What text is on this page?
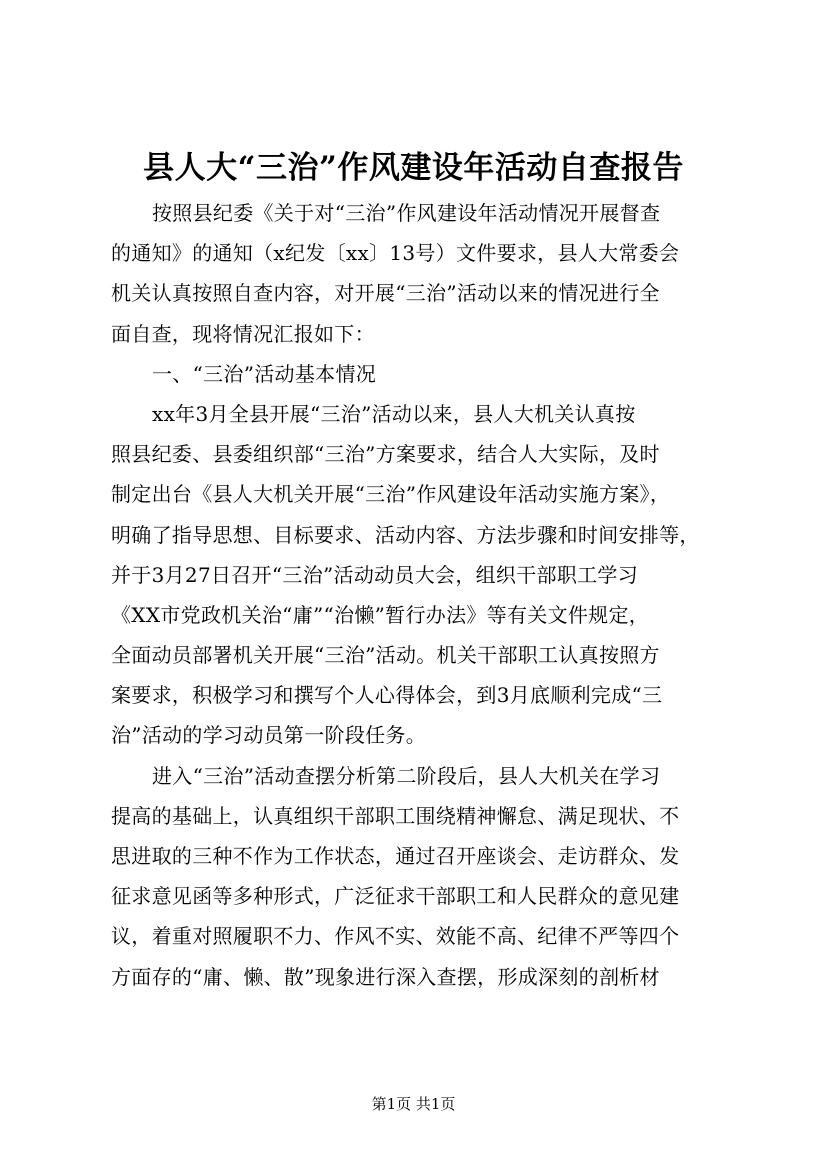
县人大“三治”作风建设年活动自查报告
按照县纪委《关于对“三治”作风建设年活动情况开展督查
的通知》的通知（x纪发〔xx〕13号）文件要求，县人大常委会
机关认真按照自查内容，对开展“三治”活动以来的情况进行全
面自查，现将情况汇报如下：
一、“三治”活动基本情况
xx年3月全县开展“三治”活动以来，县人大机关认真按
照县纪委、县委组织部“三治”方案要求，结合人大实际，及时
制定出台《县人大机关开展“三治”作风建设年活动实施方案》，
明确了指导思想、目标要求、活动内容、方法步骤和时间安排等，
并于3月27日召开“三治”活动动员大会，组织干部职工学习
《XX市党政机关治“庸”“治懒”暂行办法》等有关文件规定，
全面动员部署机关开展“三治”活动。机关干部职工认真按照方
案要求，积极学习和撰写个人心得体会，到3月底顺利完成“三
治”活动的学习动员第一阶段任务。
进入“三治”活动查摆分析第二阶段后，县人大机关在学习
提高的基础上，认真组织干部职工围绕精神懈怠、满足现状、不
思进取的三种不作为工作状态，通过召开座谈会、走访群众、发
征求意见函等多种形式，广泛征求干部职工和人民群众的意见建
议，着重对照履职不力、作风不实、效能不高、纪律不严等四个
方面存的“庸、懒、散”现象进行深入查摆，形成深刻的剖析材
第1页 共1页
